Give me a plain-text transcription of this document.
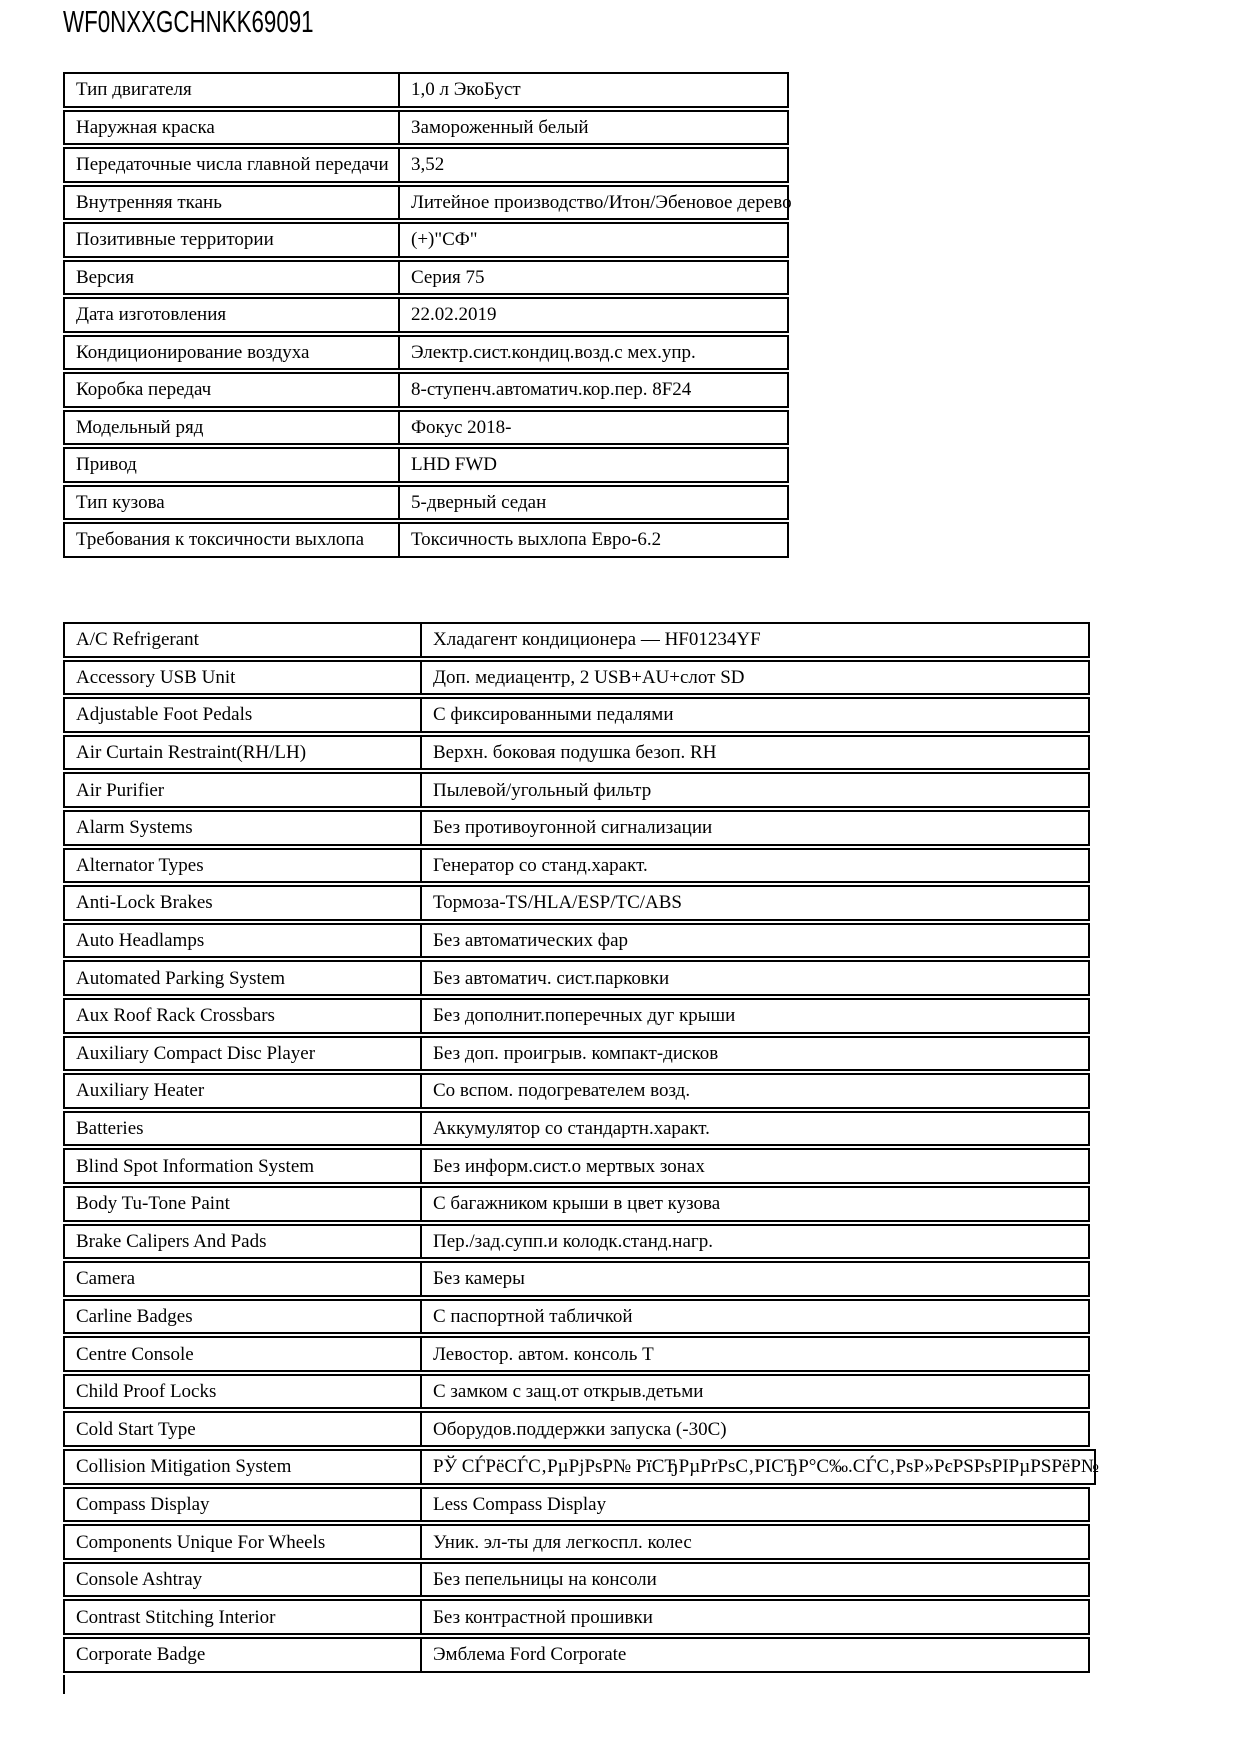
WF0NXXGCHNKK69091
Тип двигателя	1,0 л ЭкоБуст
Наружная краска	Замороженный белый
Передаточные числа главной передачи	3,52
Внутренняя ткань	Литейное производство/Итон/Эбеновое дерево
Позитивные территории	(+)"СФ"
Версия	Серия 75
Дата изготовления	22.02.2019
Кондиционирование воздуха	Электр.сист.кондиц.возд.с мех.упр.
Коробка передач	8-ступенч.автоматич.кор.пер. 8F24
Модельный ряд	Фокус 2018-
Привод	LHD FWD
Тип кузова	5-дверный седан
Требования к токсичности выхлопа	Токсичность выхлопа Евро-6.2
A/C Refrigerant	Хладагент кондиционера — HF01234YF
Accessory USB Unit	Доп. медиацентр, 2 USB+AU+слот SD
Adjustable Foot Pedals	С фиксированными педалями
Air Curtain Restraint(RH/LH)	Верхн. боковая подушка безоп. RH
Air Purifier	Пылевой/угольный фильтр
Alarm Systems	Без противоугонной сигнализации
Alternator Types	Генератор со станд.характ.
Anti-Lock Brakes	Тормоза-TS/HLA/ESP/TC/ABS
Auto Headlamps	Без автоматических фар
Automated Parking System	Без автоматич. сист.парковки
Aux Roof Rack Crossbars	Без дополнит.поперечных дуг крыши
Auxiliary Compact Disc Player	Без доп. проигрыв. компакт-дисков
Auxiliary Heater	Со вспом. подогревателем возд.
Batteries	Аккумулятор со стандартн.характ.
Blind Spot Information System	Без информ.сист.о мертвых зонах
Body Tu-Tone Paint	С багажником крыши в цвет кузова
Brake Calipers And Pads	Пер./зад.супп.и колодк.станд.нагр.
Camera	Без камеры
Carline Badges	С паспортной табличкой
Centre Console	Левостор. автом. консоль Т
Child Proof Locks	С замком с защ.от открыв.детьми
Cold Start Type	Оборудов.поддержки запуска (-30C)
Collision Mitigation System	РЎ СЃРёСЃС‚РµРјРѕР№ РїСЂРµРґРѕС‚РІСЂР°С‰.СЃС‚РѕР»РєРЅРѕРІРµРЅРёР№
Compass Display	Less Compass Display
Components Unique For Wheels	Уник. эл-ты для легкоспл. колес
Console Ashtray	Без пепельницы на консоли
Contrast Stitching Interior	Без контрастной прошивки
Corporate Badge	Эмблема Ford Corporate
